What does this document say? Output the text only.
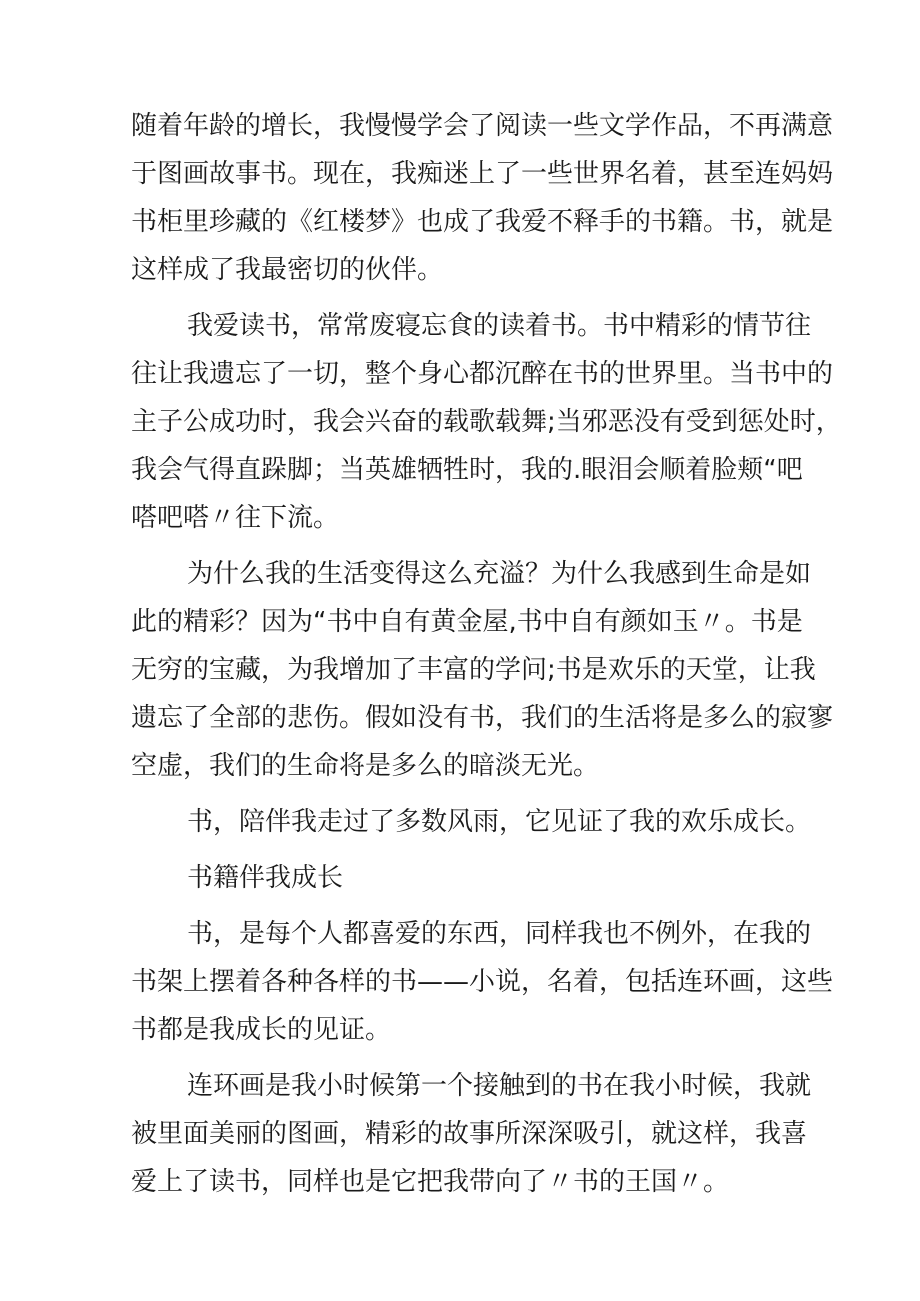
随着年龄的增长，我慢慢学会了阅读一些文学作品，不再满意
于图画故事书。现在，我痴迷上了一些世界名着，甚至连妈妈
书柜里珍藏的《红楼梦》也成了我爱不释手的书籍。书，就是
这样成了我最密切的伙伴。
我爱读书，常常废寝忘食的读着书。书中精彩的情节往
往让我遗忘了一切，整个身心都沉醉在书的世界里。当书中的
主子公成功时，我会兴奋的载歌载舞;当邪恶没有受到惩处时，
我会气得直跺脚；当英雄牺牲时，我的.眼泪会顺着脸颊“吧
嗒吧嗒〃往下流。
为什么我的生活变得这么充溢？为什么我感到生命是如
此的精彩？因为“书中自有黄金屋,书中自有颜如玉〃。书是
无穷的宝藏，为我增加了丰富的学问;书是欢乐的天堂，让我
遗忘了全部的悲伤。假如没有书，我们的生活将是多么的寂寥
空虚，我们的生命将是多么的暗淡无光。
书，陪伴我走过了多数风雨，它见证了我的欢乐成长。
书籍伴我成长
书，是每个人都喜爱的东西，同样我也不例外，在我的
书架上摆着各种各样的书——小说，名着，包括连环画，这些
书都是我成长的见证。
连环画是我小时候第一个接触到的书在我小时候，我就
被里面美丽的图画，精彩的故事所深深吸引，就这样，我喜
爱上了读书，同样也是它把我带向了〃书的王国〃。
